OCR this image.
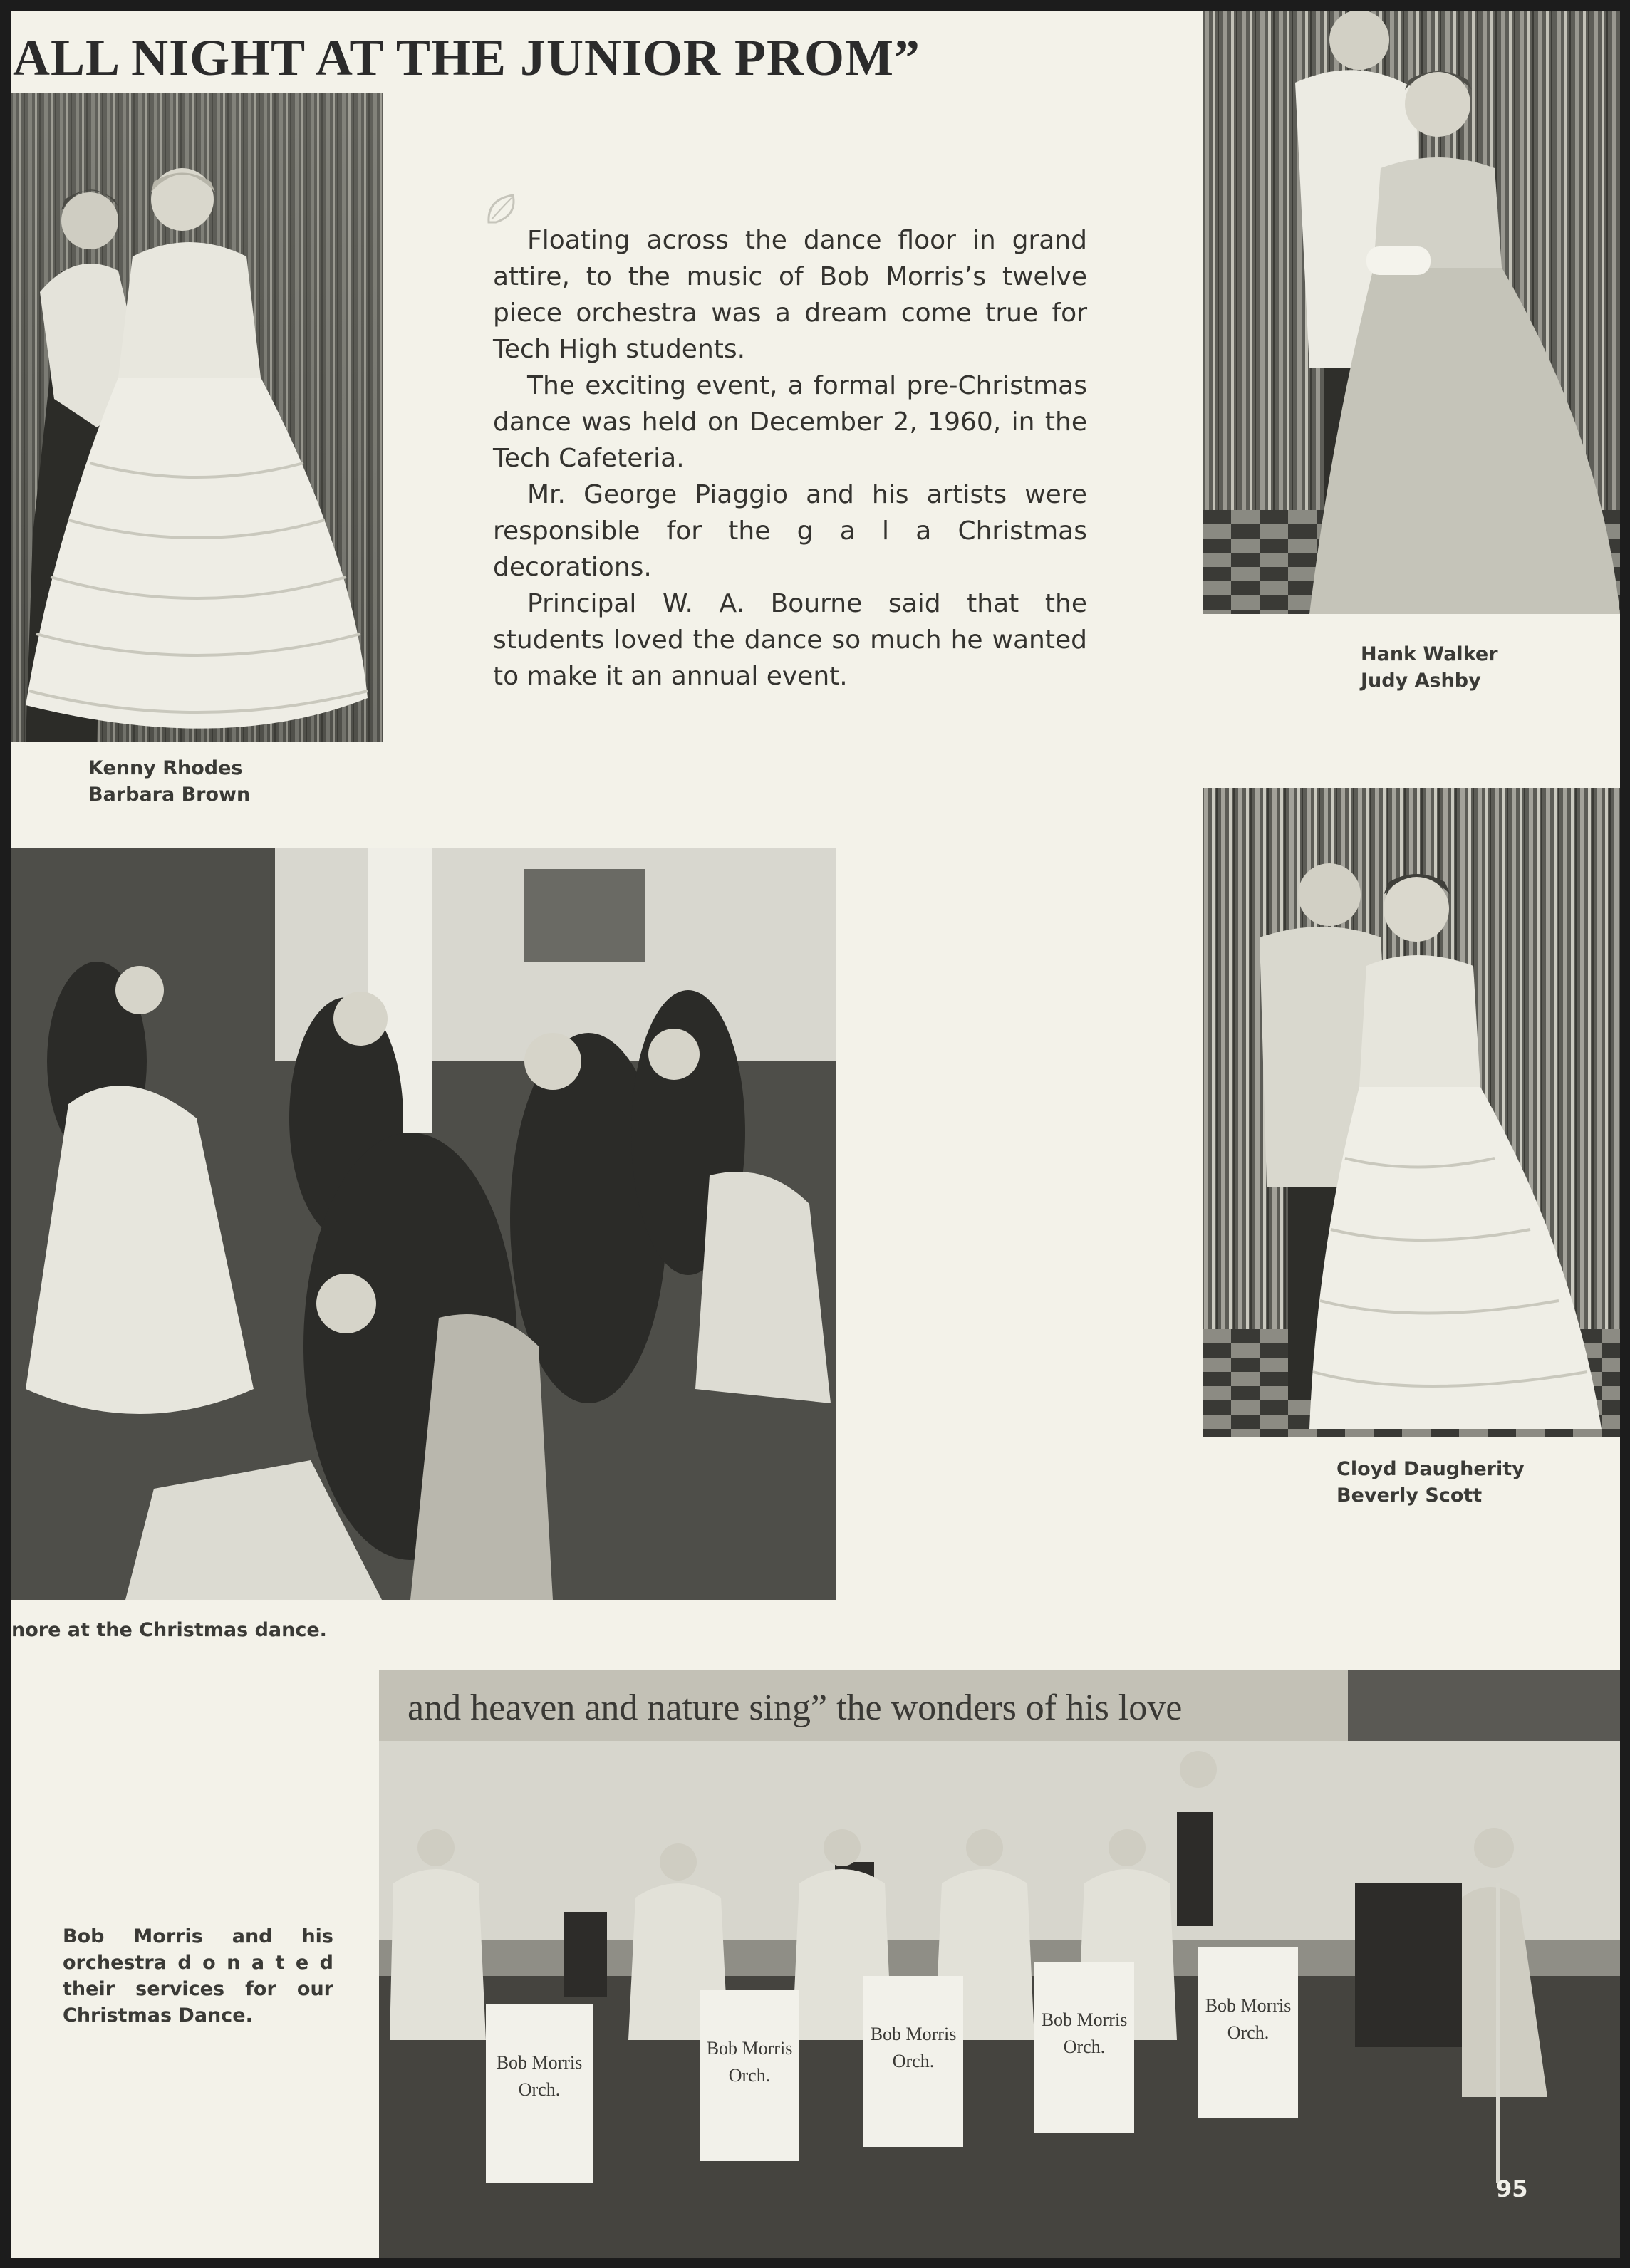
ALL NIGHT AT THE JUNIOR PROM”
Kenny Rhodes
Barbara Brown

Floating across the dance floor in grand attire, to the music of Bob Morris’s twelve piece orchestra was a dream come true for Tech High students.

The exciting event, a formal pre-Christmas dance was held on December 2, 1960, in the Tech Cafeteria.

Mr. George Piaggio and his artists were responsible for the g a l a Christmas decorations.

Principal W. A. Bourne said that the students loved the dance so much he wanted to make it an annual event.

Hank Walker
Judy Ashby
nore at the Christmas dance.
Cloyd Daugherity
Beverly Scott
Bob Morris and his orchestra d o n a t e d their services for our Christmas Dance.
and heaven and nature sing” the wonders of his love
Bob Morris
Orch.
Bob Morris
Orch.
Bob Morris
Orch.
Bob Morris
Orch.
Bob Morris
Orch.
95
